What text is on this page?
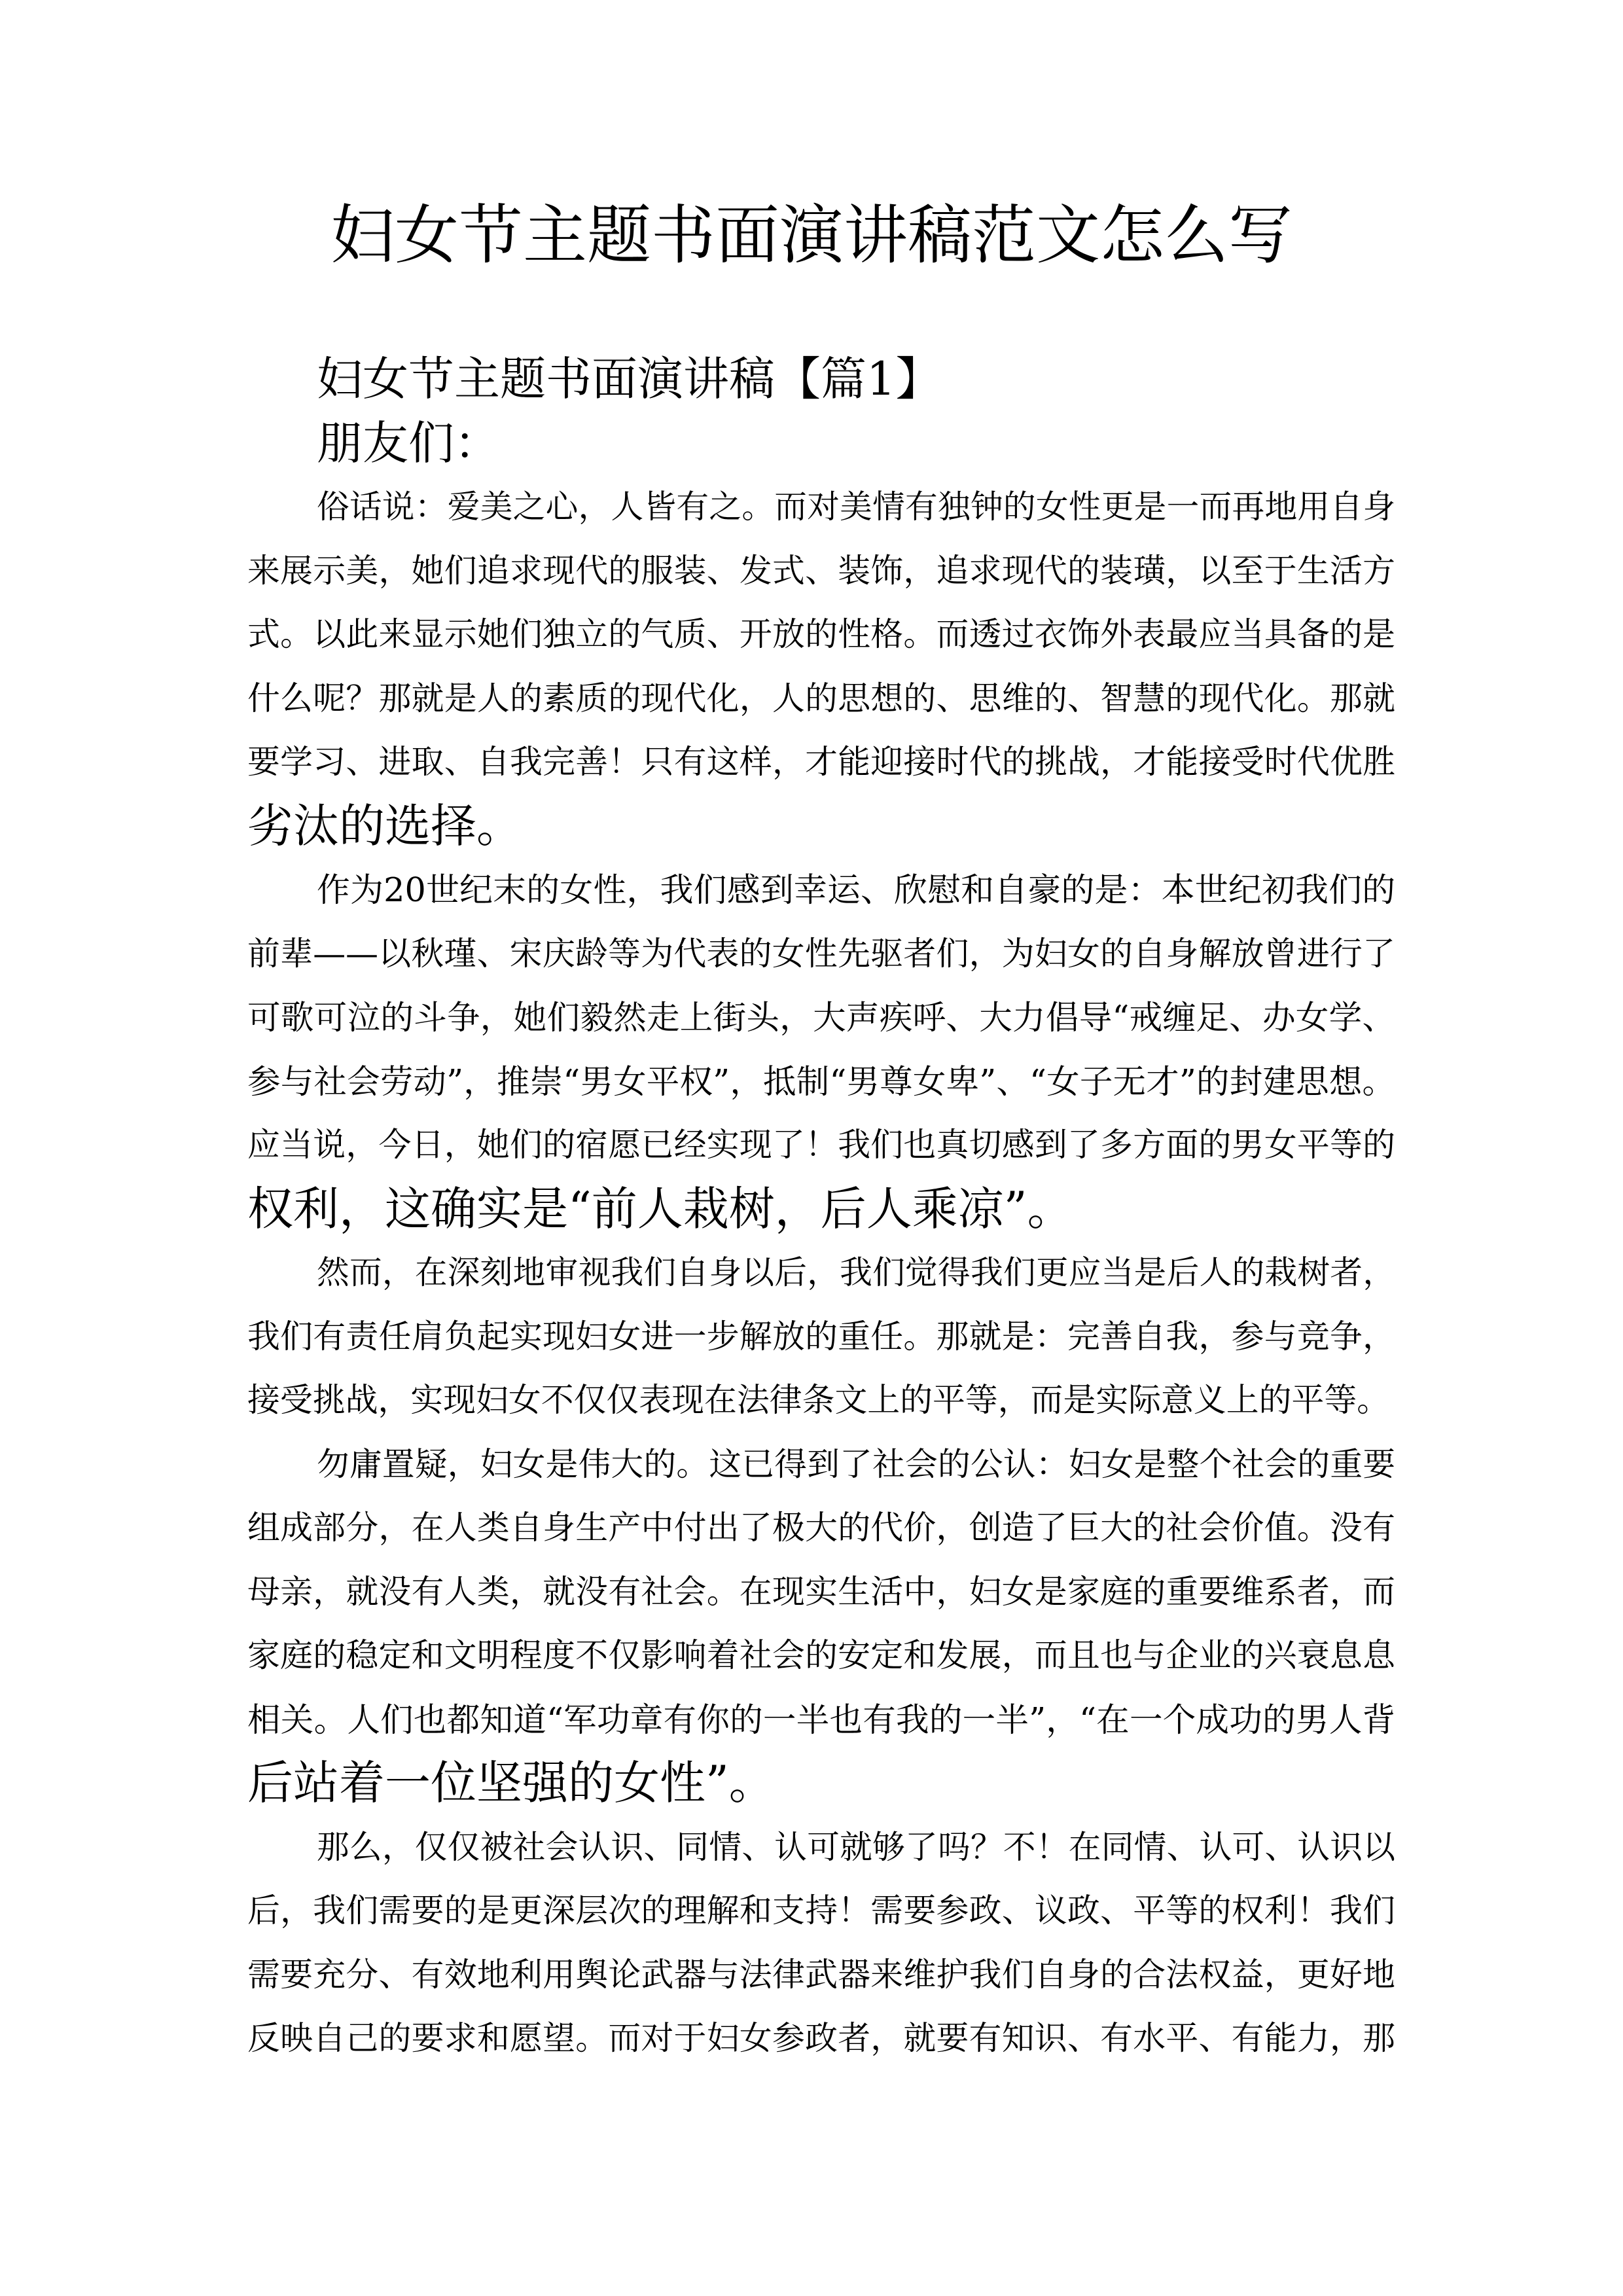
妇女节主题书面演讲稿范文怎么写
妇女节主题书面演讲稿【篇1】
朋友们：
俗话说：爱美之心，人皆有之。而对美情有独钟的女性更是一而再地用自身
来展示美，她们追求现代的服装、发式、装饰，追求现代的装璜，以至于生活方
式。以此来显示她们独立的气质、开放的性格。而透过衣饰外表最应当具备的是
什么呢？那就是人的素质的现代化，人的思想的、思维的、智慧的现代化。那就
要学习、进取、自我完善！只有这样，才能迎接时代的挑战，才能接受时代优胜
劣汰的选择。
作为20世纪末的女性，我们感到幸运、欣慰和自豪的是：本世纪初我们的
前辈——以秋瑾、宋庆龄等为代表的女性先驱者们，为妇女的自身解放曾进行了
可歌可泣的斗争，她们毅然走上街头，大声疾呼、大力倡导“戒缠足、办女学、
参与社会劳动”，推崇“男女平权”，抵制“男尊女卑”、“女子无才”的封建思想。
应当说，今日，她们的宿愿已经实现了！我们也真切感到了多方面的男女平等的
权利，这确实是“前人栽树，后人乘凉”。
然而，在深刻地审视我们自身以后，我们觉得我们更应当是后人的栽树者，
我们有责任肩负起实现妇女进一步解放的重任。那就是：完善自我，参与竞争，
接受挑战，实现妇女不仅仅表现在法律条文上的平等，而是实际意义上的平等。
勿庸置疑，妇女是伟大的。这已得到了社会的公认：妇女是整个社会的重要
组成部分，在人类自身生产中付出了极大的代价，创造了巨大的社会价值。没有
母亲，就没有人类，就没有社会。在现实生活中，妇女是家庭的重要维系者，而
家庭的稳定和文明程度不仅影响着社会的安定和发展，而且也与企业的兴衰息息
相关。人们也都知道“军功章有你的一半也有我的一半”，“在一个成功的男人背
后站着一位坚强的女性”。
那么，仅仅被社会认识、同情、认可就够了吗？不！在同情、认可、认识以
后，我们需要的是更深层次的理解和支持！需要参政、议政、平等的权利！我们
需要充分、有效地利用舆论武器与法律武器来维护我们自身的合法权益，更好地
反映自己的要求和愿望。而对于妇女参政者，就要有知识、有水平、有能力，那
